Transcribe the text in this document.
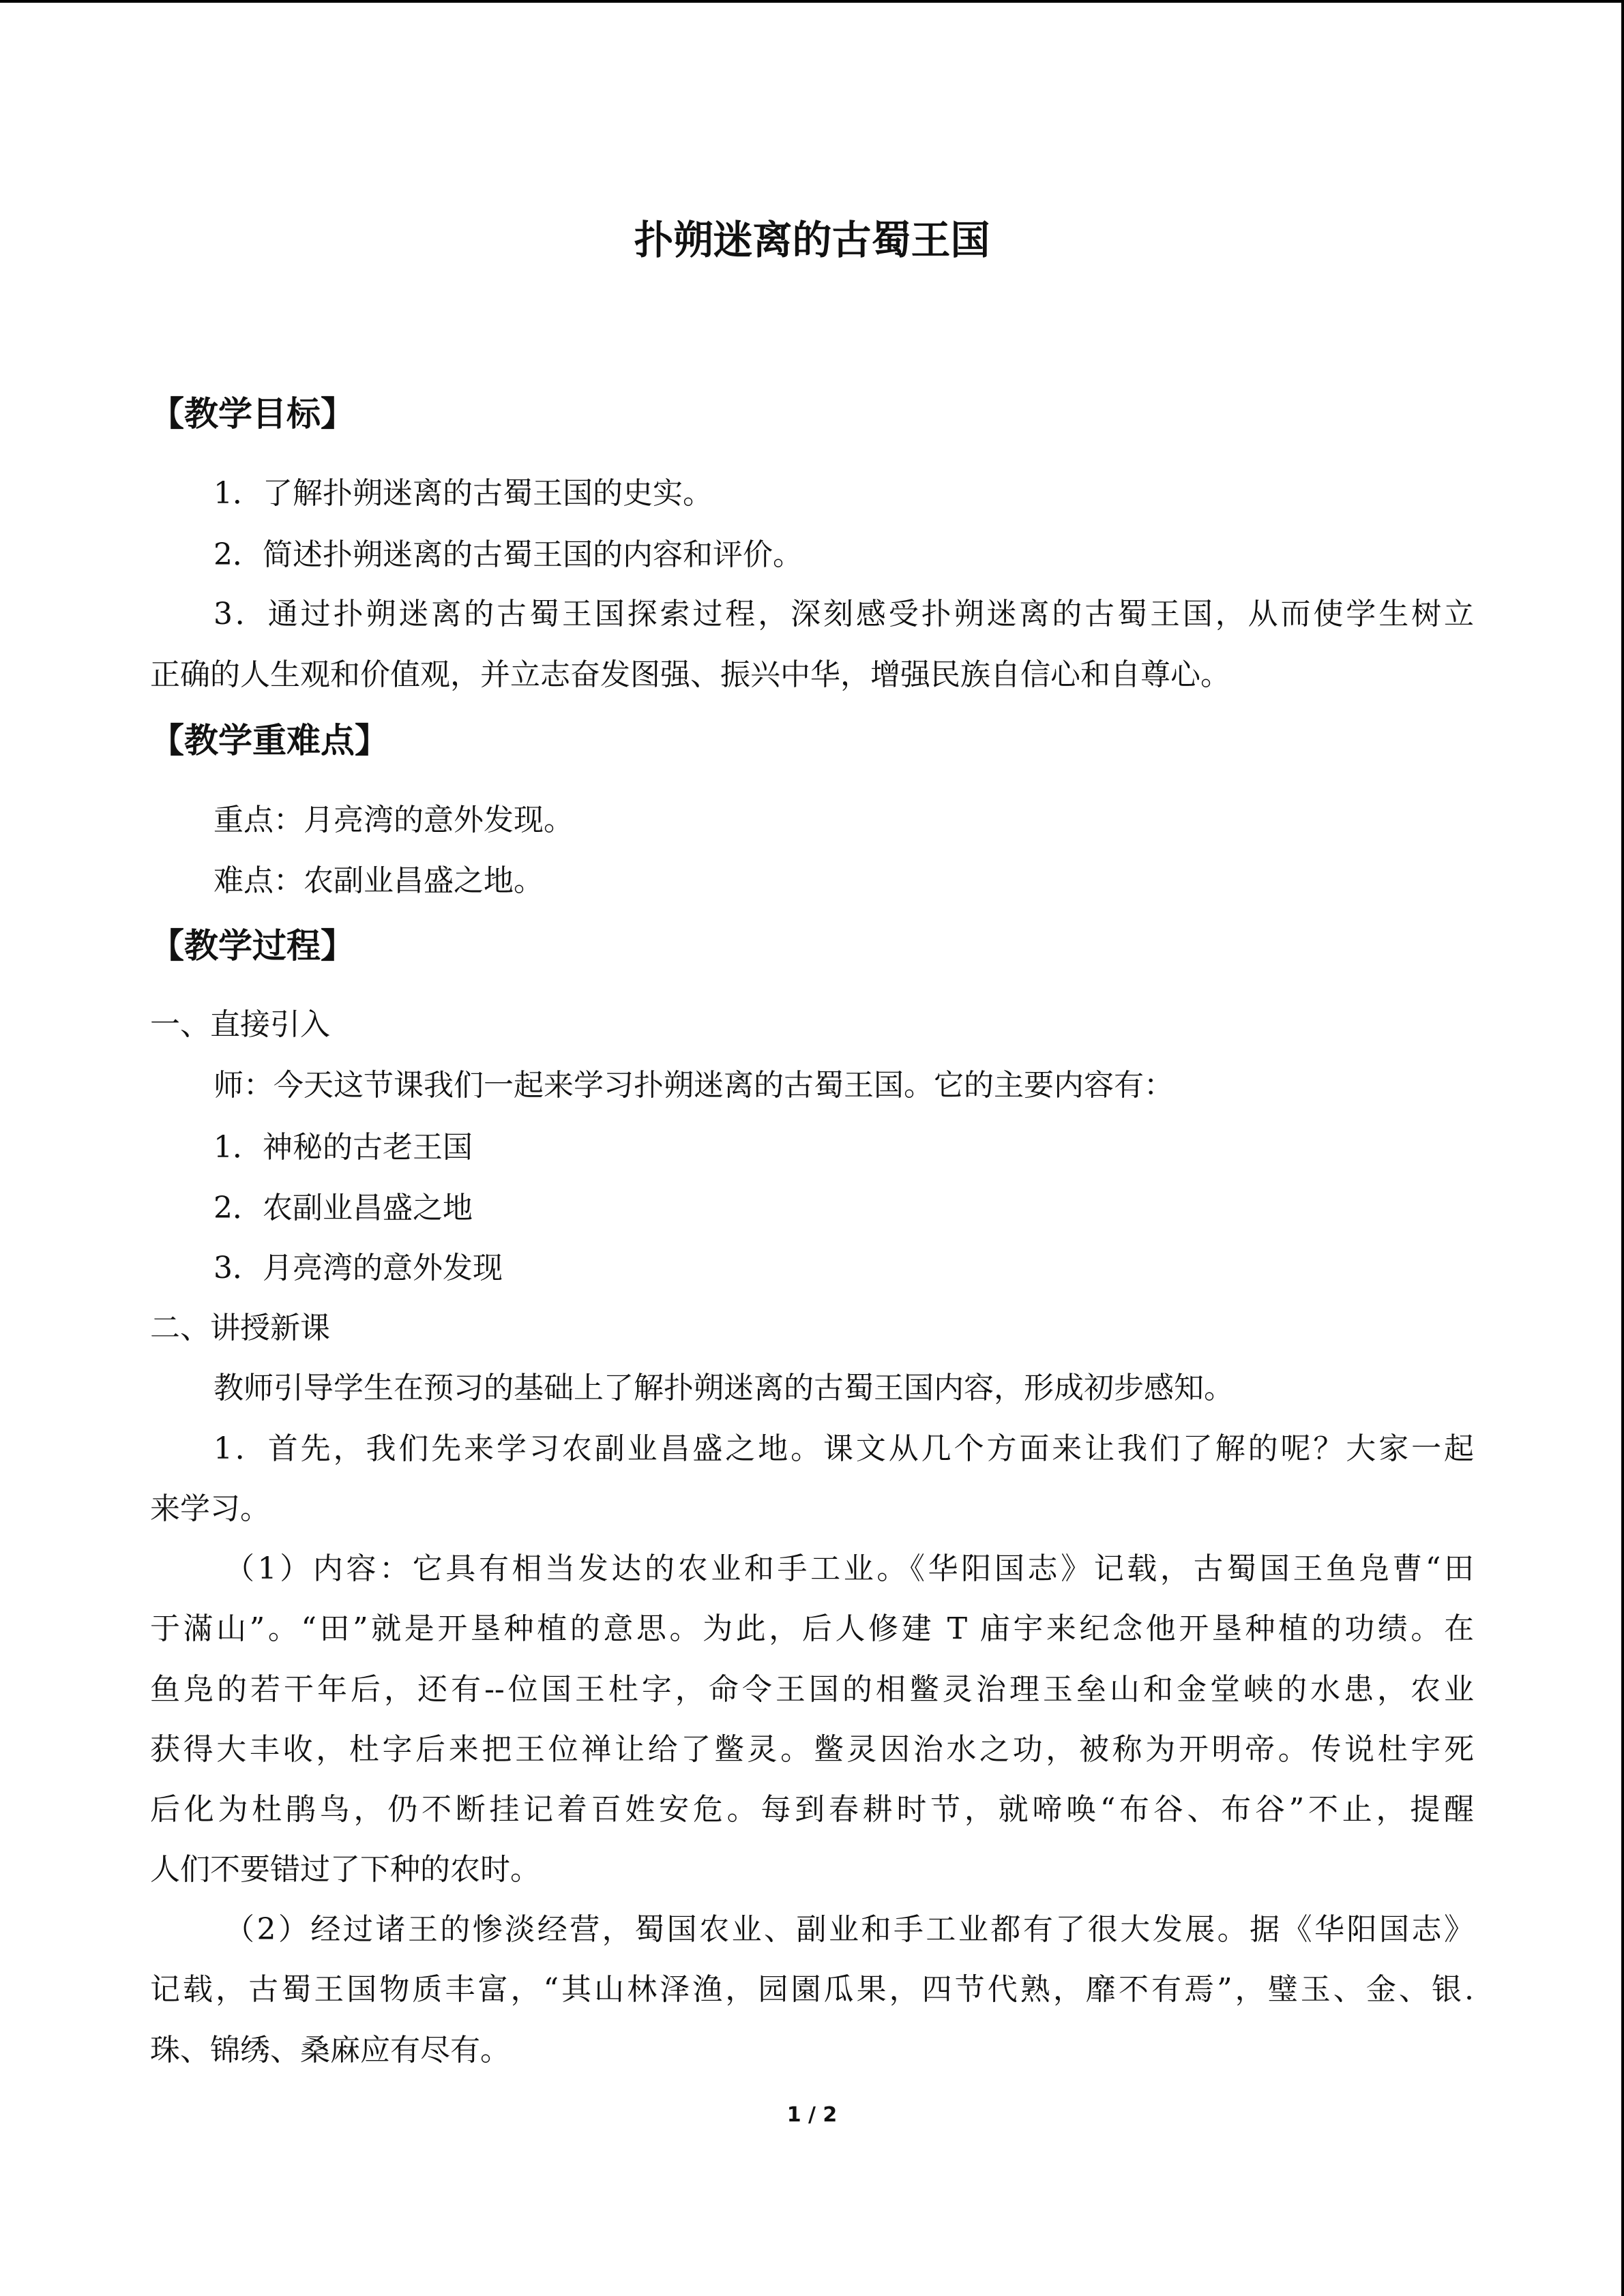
扑朔迷离的古蜀王国
【教学目标】
1．了解扑朔迷离的古蜀王国的史实。
2．简述扑朔迷离的古蜀王国的内容和评价。
3．通过扑朔迷离的古蜀王国探索过程，深刻感受扑朔迷离的古蜀王国，从而使学生树立
正确的人生观和价值观，并立志奋发图强、振兴中华，增强民族自信心和自尊心。
【教学重难点】
重点：月亮湾的意外发现。
难点：农副业昌盛之地。
【教学过程】
一、直接引入
师：今天这节课我们一起来学习扑朔迷离的古蜀王国。它的主要内容有：
1．神秘的古老王国
2．农副业昌盛之地
3．月亮湾的意外发现
二、讲授新课
教师引导学生在预习的基础上了解扑朔迷离的古蜀王国内容，形成初步感知。
1．首先，我们先来学习农副业昌盛之地。课文从几个方面来让我们了解的呢？大家一起
来学习。
（1）内容：它具有相当发达的农业和手工业。《华阳国志》记载，古蜀国王鱼凫曹“田
于滿山”。“田”就是开垦种植的意思。为此，后人修建 T 庙宇来纪念他开垦种植的功绩。在
鱼凫的若干年后，还有--位国王杜字，命令王国的相鳖灵治理玉垒山和金堂峡的水患，农业
获得大丰收，杜字后来把王位禅让给了鳖灵。鳖灵因治水之功，被称为开明帝。传说杜宇死
后化为杜鹃鸟，仍不断挂记着百姓安危。每到春耕时节，就啼唤“布谷、布谷”不止，提醒
人们不要错过了下种的农时。
（2）经过诸王的惨淡经营，蜀国农业、副业和手工业都有了很大发展。据《华阳国志》
记载，古蜀王国物质丰富，“其山林泽渔，园園瓜果，四节代熟，靡不有焉”，璧玉、金、银.
珠、锦绣、桑麻应有尽有。
1 / 2
